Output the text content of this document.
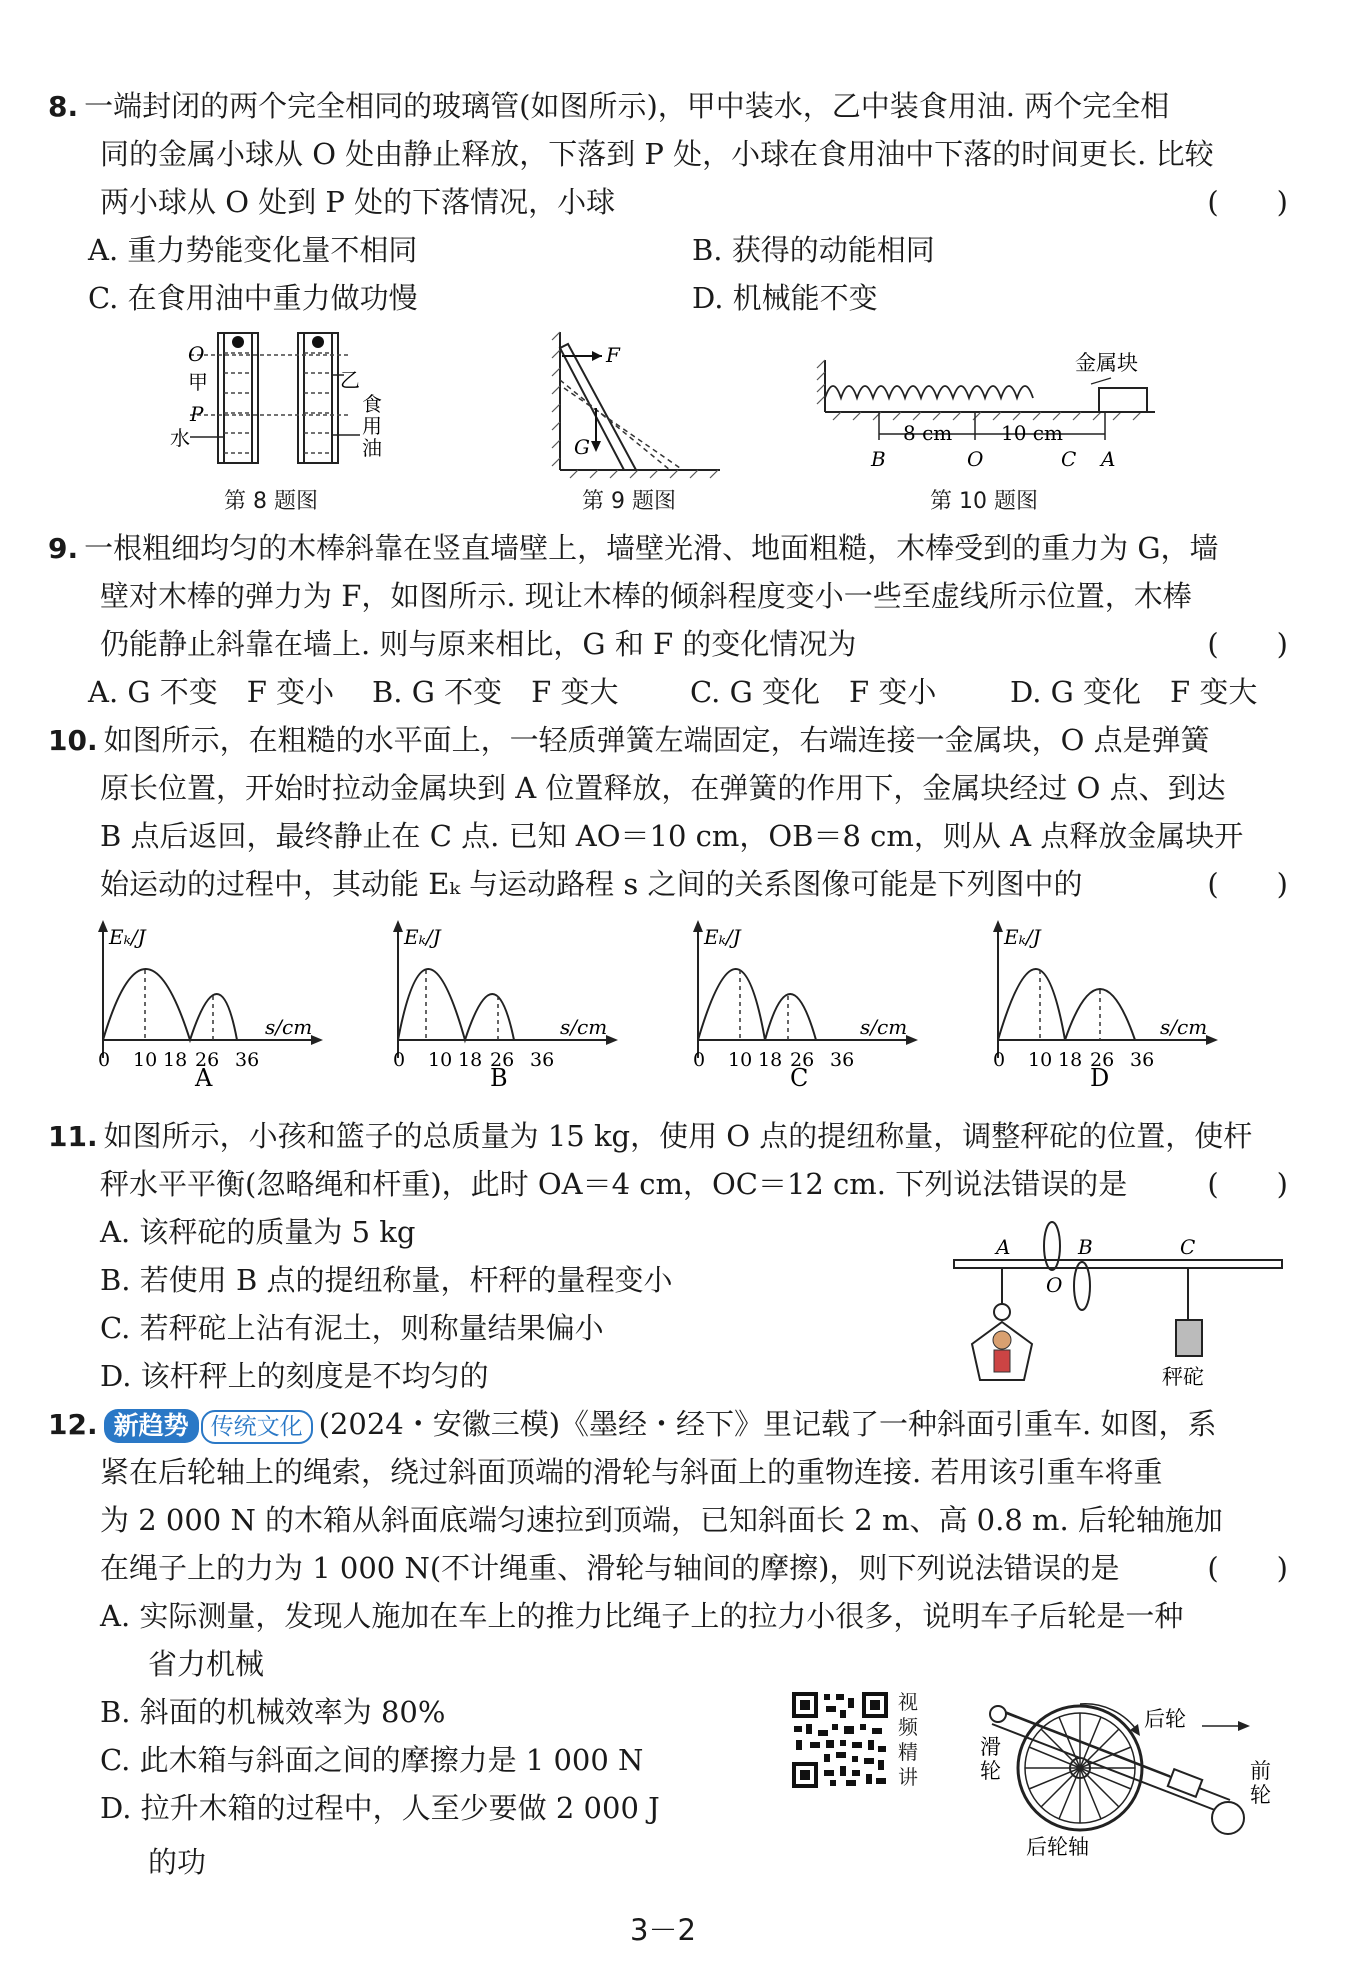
8. 一端封闭的两个完全相同的玻璃管(如图所示)，甲中装水，乙中装食用油. 两个完全相
同的金属小球从 O 处由静止释放，下落到 P 处，小球在食用油中下落的时间更长. 比较
两小球从 O 处到 P 处的下落情况，小球	(　　)
A. 重力势能变化量不相同	B. 获得的动能相同
C. 在食用油中重力做功慢	D. 机械能不变
O
甲
P
水
乙
食
用
油
第 8 题图
F
G
第 9 题图
金属块
8 cm 10 cm
B	O	C A
第 10 题图
9. 一根粗细均匀的木棒斜靠在竖直墙壁上，墙壁光滑、地面粗糙，木棒受到的重力为 G，墙
壁对木棒的弹力为 F，如图所示. 现让木棒的倾斜程度变小一些至虚线所示位置，木棒
仍能静止斜靠在墙上. 则与原来相比，G 和 F 的变化情况为	(　　)
A. G 不变　F 变小 B. G 不变　F 变大 C. G 变化　F 变小	D. G 变化　F 变大
10. 如图所示，在粗糙的水平面上，一轻质弹簧左端固定，右端连接一金属块，O 点是弹簧
原长位置，开始时拉动金属块到 A 位置释放，在弹簧的作用下，金属块经过 O 点、到达
B 点后返回，最终静止在 C 点. 已知 AO＝10 cm，OB＝8 cm，则从 A 点释放金属块开
始运动的过程中，其动能 Eₖ 与运动路程 s 之间的关系图像可能是下列图中的	(　　)
Eₖ/J
s/cm
0 10 18 26 36
A
Eₖ/J
s/cm
0 10 18 26 36
B
Eₖ/J
s/cm
0 10 18 26 36
C
Eₖ/J
s/cm
0 10 18 26 36
D
11. 如图所示，小孩和篮子的总质量为 15 kg，使用 O 点的提纽称量，调整秤砣的位置，使杆
秤水平平衡(忽略绳和杆重)，此时 OA＝4 cm，OC＝12 cm. 下列说法错误的是	(　　)
A. 该秤砣的质量为 5 kg
B. 若使用 B 点的提纽称量，杆秤的量程变小
C. 若秤砣上沾有泥土，则称量结果偏小
D. 该杆秤上的刻度是不均匀的
A	B	C
O
秤砣
12. 新趋势 传统文化 (2024・安徽三模)《墨经・经下》里记载了一种斜面引重车. 如图，系
紧在后轮轴上的绳索，绕过斜面顶端的滑轮与斜面上的重物连接. 若用该引重车将重
为 2 000 N 的木箱从斜面底端匀速拉到顶端，已知斜面长 2 m、高 0.8 m. 后轮轴施加
在绳子上的力为 1 000 N(不计绳重、滑轮与轴间的摩擦)，则下列说法错误的是	(　　)
A. 实际测量，发现人施加在车上的推力比绳子上的拉力小很多，说明车子后轮是一种
省力机械
B. 斜面的机械效率为 80%
C. 此木箱与斜面之间的摩擦力是 1 000 N
D. 拉升木箱的过程中，人至少要做 2 000 J
的功
视
频
精
讲
后轮
滑
轮	前
轮
后轮轴
3－2
